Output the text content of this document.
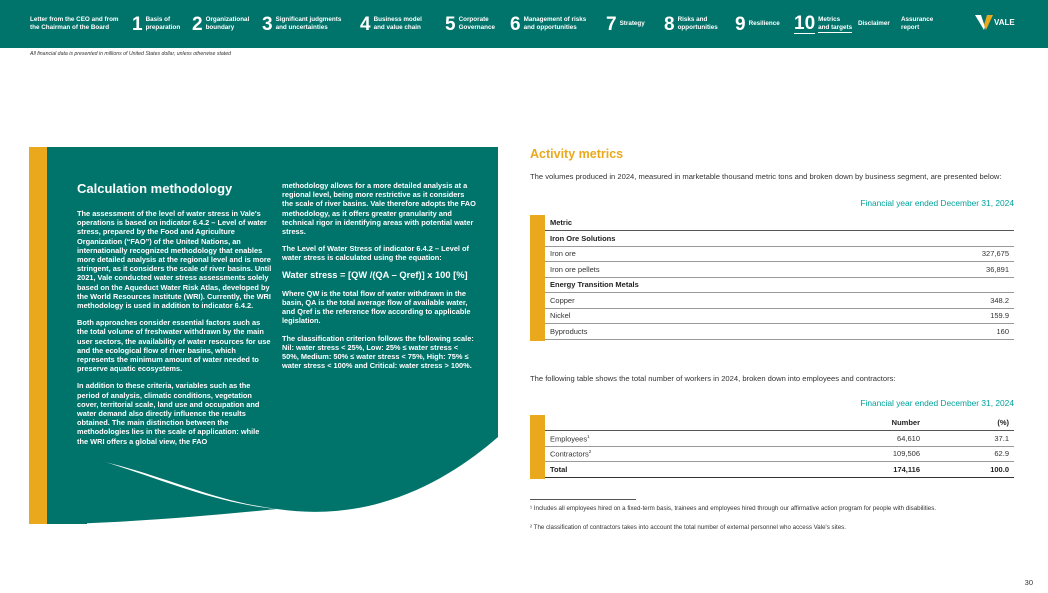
Letter from the CEO and from
the Chairman of the Board	1 Basis of
preparation 2 Organizational
boundary	3 Significant judgments
and uncertainties	4 Business model
and value chain 5 Corporate
Governance 6 Management of risks
and opportunities	7 Strategy 8 Risks and
opportunities 9 Resilience 10 Metrics
and targets Disclaimer
Assurance
report
VALE
All financial data is presented in millions of United States dollar, unless otherwise stated
Calculation methodology

The assessment of the level of water stress in Vale's operations is based on indicator 6.4.2 – Level of water stress, prepared by the Food and Agriculture Organization (“FAO”) of the United Nations, an internationally recognized methodology that enables more detailed analysis at the regional level and is more stringent, as it considers the scale of river basins. Until 2021, Vale conducted water stress assessments solely based on the Aqueduct Water Risk Atlas, developed by the World Resources Institute (WRI). Currently, the WRI methodology is used in addition to indicator 6.4.2.

Both approaches consider essential factors such as the total volume of freshwater withdrawn by the main user sectors, the availability of water resources for use and the ecological flow of river basins, which represents the minimum amount of water needed to preserve aquatic ecosystems.

In addition to these criteria, variables such as the period of analysis, climatic conditions, vegetation cover, territorial scale, land use and occupation and water demand also directly influence the results obtained. The main distinction between the methodologies lies in the scale of application: while the WRI offers a global view, the FAO

methodology allows for a more detailed analysis at a regional level, being more restrictive as it considers the scale of river basins. Vale therefore adopts the FAO methodology, as it offers greater granularity and technical rigor in identifying areas with potential water stress.

The Level of Water Stress of indicator 6.4.2 – Level of water stress is calculated using the equation:

Water stress = [QW /(QA – Qref)] x 100 [%]

Where QW is the total flow of water withdrawn in the basin, QA is the total average flow of available water, and Qref is the reference flow according to applicable legislation.

The classification criterion follows the following scale: Nil: water stress < 25%, Low: 25% ≤ water stress < 50%, Medium: 50% ≤ water stress < 75%, High: 75% ≤ water stress < 100% and Critical: water stress > 100%.

Activity metrics
The volumes produced in 2024, measured in marketable thousand metric tons and broken down by business segment, are presented below:
Financial year ended December 31, 2024
Metric	
Iron Ore Solutions	
Iron ore	327,675
Iron ore pellets	36,891
Energy Transition Metals	
Copper	348.2
Nickel	159.9
Byproducts	160
The following table shows the total number of workers in 2024, broken down into employees and contractors:
Financial year ended December 31, 2024
	Number	(%)
Employees$^1$	64,610	37.1
Contractors$^2$	109,506	62.9
Total	174,116	100.0
¹ Includes all employees hired on a fixed-term basis, trainees and employees hired through our affirmative action program for people with disabilities.
² The classification of contractors takes into account the total number of external personnel who access Vale's sites.
30
